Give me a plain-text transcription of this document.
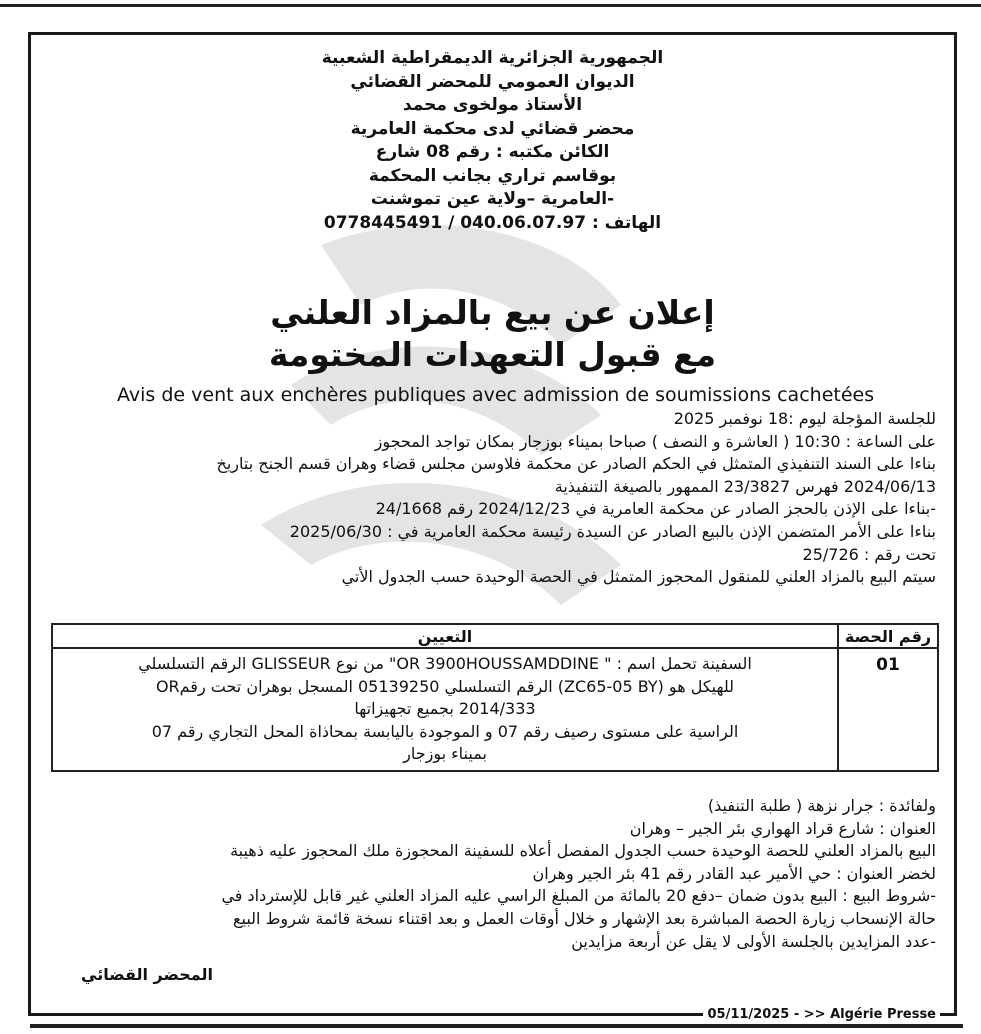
الجمهورية الجزائرية الديمقراطية الشعبية
الديوان العمومي للمحضر القضائي
الأستاذ مولخوى محمد
محضر قضائي لدى محكمة العامرية
الكائن مكتبه : رقم 08 شارع
بوقاسم تراري بجانب المحكمة
-العامرية –ولاية عين تموشنت
الهاتف : 040.06.07.97 / 0778445491
إعلان عن بيع بالمزاد العلني
مع قبول التعهدات المختومة
Avis de vent aux enchères publiques avec admission de soumissions cachetées
للجلسة المؤجلة ليوم :18 نوفمبر 2025
على الساعة : 10:30 ( العاشرة و النصف ) صباحا بميناء بوزجار بمكان تواجد المحجوز
بناءا على السند التنفيذي المتمثل في الحكم الصادر عن محكمة فلاوسن مجلس قضاء وهران قسم الجنح بتاريخ
2024/06/13 فهرس 23/3827 الممهور بالصيغة التنفيذية
-بناءا على الإذن بالحجز الصادر عن محكمة العامرية في 2024/12/23 رقم 24/1668
بناءا على الأمر المتضمن الإذن بالبيع الصادر عن السيدة رئيسة محكمة العامرية في : 2025/06/30
تحت رقم : 25/726
سيتم البيع بالمزاد العلني للمنقول المحجوز المتمثل في الحصة الوحيدة حسب الجدول الأتي
رقم الحصة	التعيين
01	السفينة تحمل اسم : " OR 3900HOUSSAMDDINE" من نوع GLISSEUR الرقم التسلسلي
للهيكل هو (ZC65-05 BY) الرقم التسلسلي 05139250 المسجل بوهران تحت رقمOR
2014/333 بجميع تجهيزاتها
الراسية على مستوى رصيف رقم 07 و الموجودة باليابسة بمحاذاة المحل التجاري رقم 07
بميناء بوزجار
ولفائدة : جرار نزهة ( طلبة التنفيذ)
العنوان : شارع قراد الهواري بئر الجير – وهران
البيع بالمزاد العلني للحصة الوحيدة حسب الجدول المفصل أعلاه للسفينة المحجوزة ملك المحجوز عليه ذهيبة
لخضر العنوان : حي الأمير عبد القادر رقم 41 بئر الجير وهران
-شروط البيع : البيع بدون ضمان –دفع 20 بالمائة من المبلغ الراسي عليه المزاد العلني غير قابل للإسترداد في
حالة الإنسحاب زيارة الحصة المباشرة بعد الإشهار و خلال أوقات العمل و بعد اقتناء نسخة قائمة شروط البيع
-عدد المزايدين بالجلسة الأولى لا يقل عن أربعة مزايدين
المحضر القضائي
05/11/2025 - >> Algérie Presse
